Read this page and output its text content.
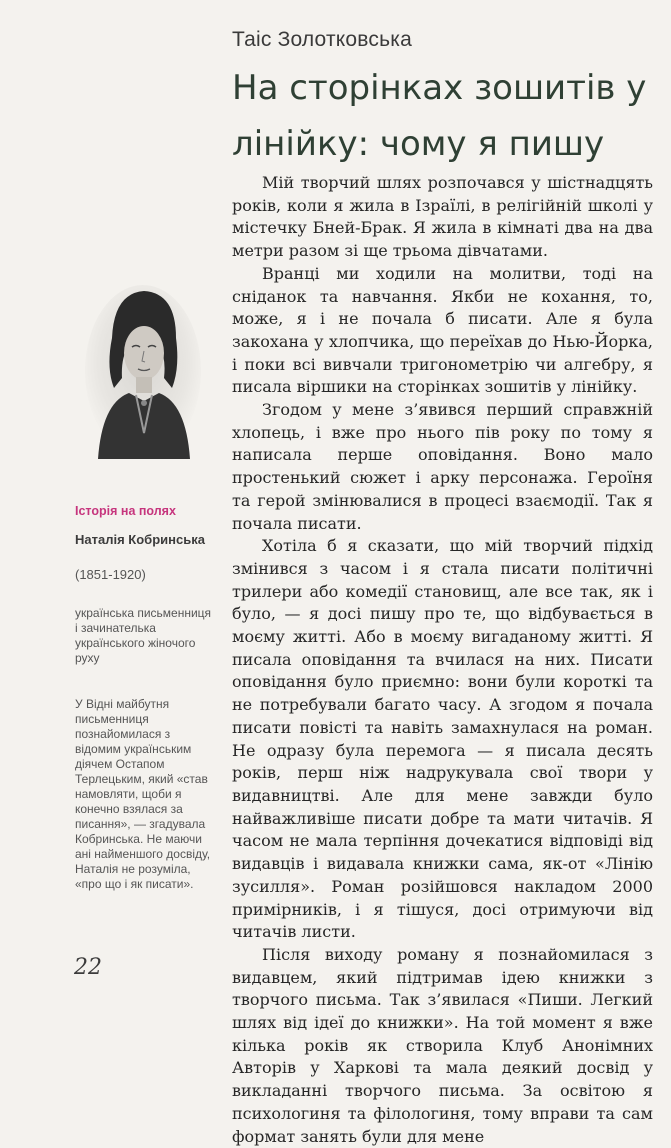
Таіс Золотковська
На сторінках зошитів у лінійку: чому я пишу

Мій творчий шлях розпочався у шістнадцять років, коли я жила в Ізраїлі, в релігійній школі у містечку Бней-Брак. Я жила в кімнаті два на два метри разом зі ще трьома дівчатами.

Вранці ми ходили на молитви, тоді на сніданок та навчання. Якби не кохання, то, може, я і не почала б писати. Але я була закохана у хлопчика, що переїхав до Нью-Йорка, і поки всі вивчали тригонометрію чи алгебру, я писала віршики на сторінках зошитів у лінійку.

Згодом у мене з’явився перший справжній хлопець, і вже про нього пів року по тому я написала перше оповідання. Воно мало простенький сюжет і арку персонажа. Героїня та герой змінювалися в процесі взаємодії. Так я почала писати.

Хотіла б я сказати, що мій творчий підхід змінився з часом і я стала писати політичні трилери або комедії становищ, але все так, як і було, — я досі пишу про те, що відбувається в моєму житті. Або в моєму вигаданому житті. Я писала оповідання та вчилася на них. Писати оповідання було приємно: вони були короткі та не потребували багато часу. А згодом я почала писати повісті та навіть замахнулася на роман. Не одразу була перемога — я писала десять років, перш ніж надрукувала свої твори у видавництві. Але для мене завжди було найважливіше писати добре та мати читачів. Я часом не мала терпіння дочекатися відповіді від видавців і видавала книжки сама, як-от «Лінію зусилля». Роман розійшовся накладом 2000 примірників, і я тішуся, досі отримуючи від читачів листи.

Після виходу роману я познайомилася з видавцем, який підтримав ідею книжки з творчого письма. Так з’явилася «Пиши. Легкий шлях від ідеї до книжки». На той момент я вже кілька років як створила Клуб Анонімних Авторів у Харкові та мала деякий досвід у викладанні творчого письма. За освітою я психологиня та філологиня, тому вправи та сам формат занять були для мене

Історія на полях
Наталія Кобринська
(1851-1920)
українська письменниця і зачинателька українського жіночого руху
У Відні майбутня письменниця познайомилася з відомим українським діячем Остапом Терлецьким, який «став намовляти, щоби я конечно взялася за писання», — згадувала Кобринська. Не маючи ані найменшого досвіду, Наталія не розуміла, «про що і як писати».
22
